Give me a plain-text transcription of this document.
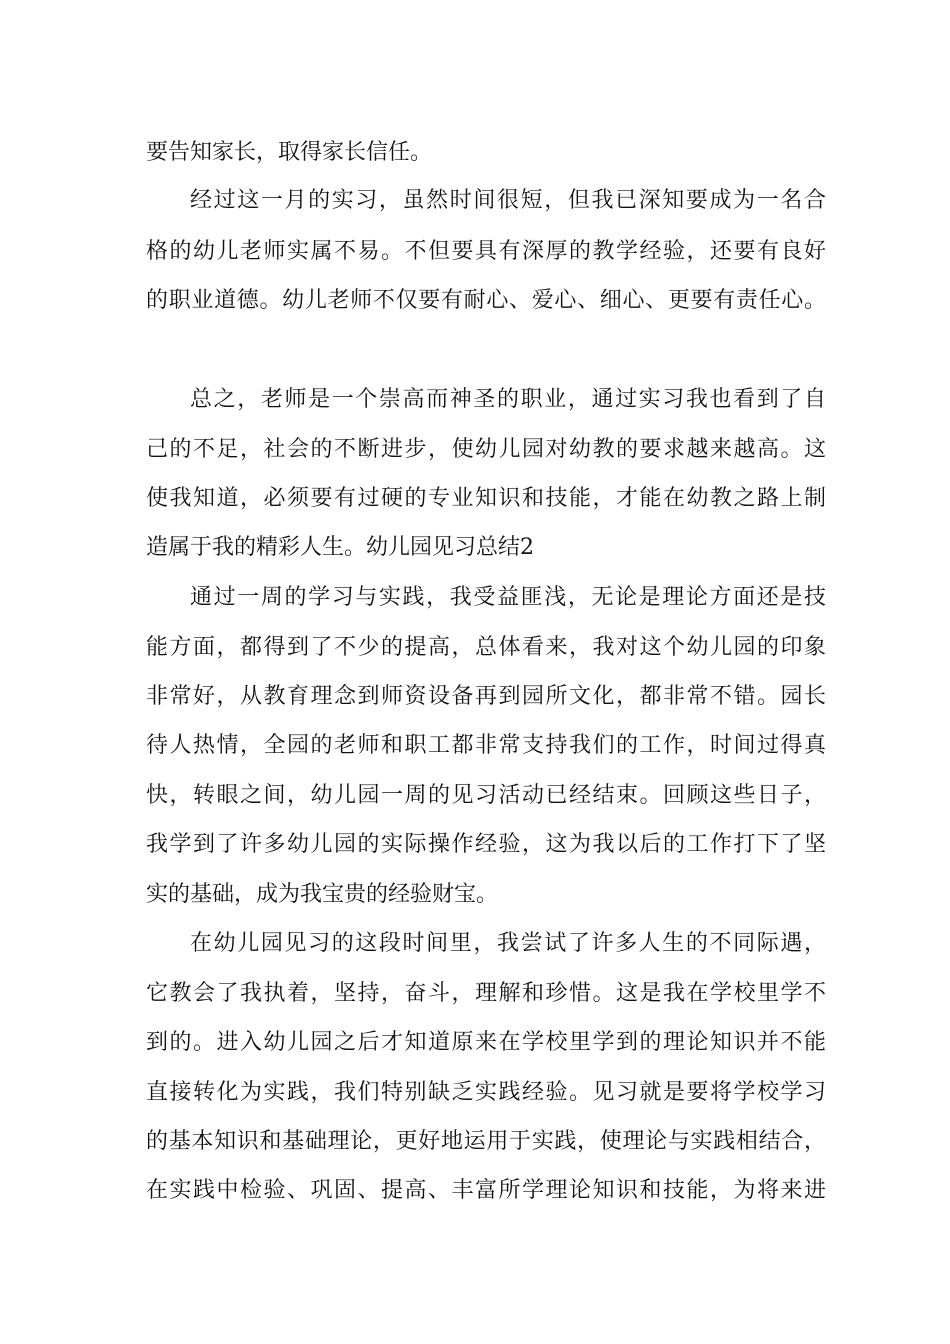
要告知家长，取得家长信任。
经过这一月的实习，虽然时间很短，但我已深知要成为一名合
格的幼儿老师实属不易。不但要具有深厚的教学经验，还要有良好
的职业道德。幼儿老师不仅要有耐心、爱心、细心、更要有责任心。
总之，老师是一个崇高而神圣的职业，通过实习我也看到了自
己的不足，社会的不断进步，使幼儿园对幼教的要求越来越高。这
使我知道，必须要有过硬的专业知识和技能，才能在幼教之路上制
造属于我的精彩人生。幼儿园见习总结2
通过一周的学习与实践，我受益匪浅，无论是理论方面还是技
能方面，都得到了不少的提高，总体看来，我对这个幼儿园的印象
非常好，从教育理念到师资设备再到园所文化，都非常不错。园长
待人热情，全园的老师和职工都非常支持我们的工作，时间过得真
快，转眼之间，幼儿园一周的见习活动已经结束。回顾这些日子，
我学到了许多幼儿园的实际操作经验，这为我以后的工作打下了坚
实的基础，成为我宝贵的经验财宝。
在幼儿园见习的这段时间里，我尝试了许多人生的不同际遇，
它教会了我执着，坚持，奋斗，理解和珍惜。这是我在学校里学不
到的。进入幼儿园之后才知道原来在学校里学到的理论知识并不能
直接转化为实践，我们特别缺乏实践经验。见习就是要将学校学习
的基本知识和基础理论，更好地运用于实践，使理论与实践相结合，
在实践中检验、巩固、提高、丰富所学理论知识和技能，为将来进
